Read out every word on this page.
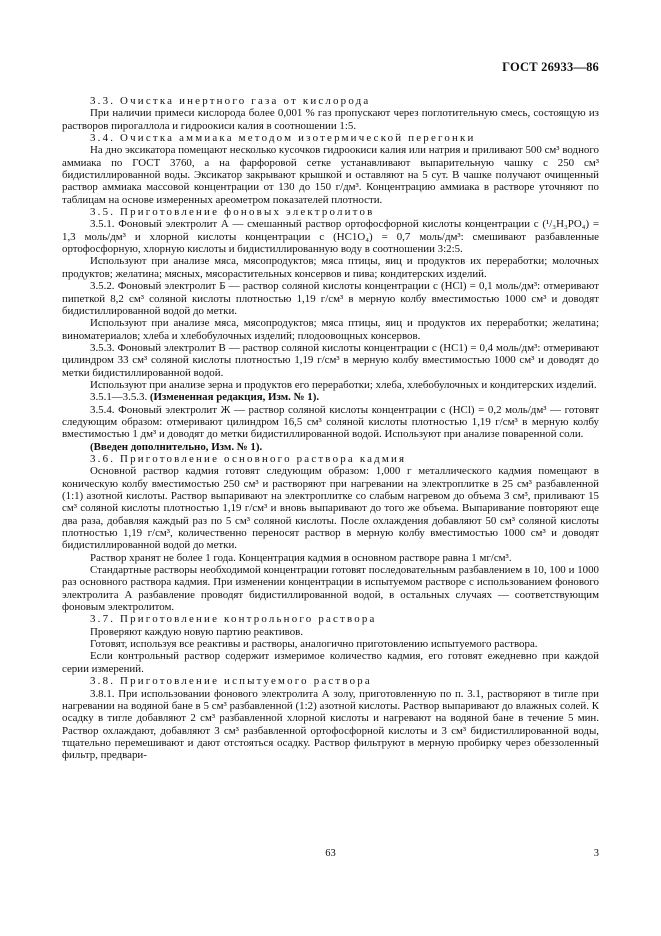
ГОСТ 26933—86

3.3. Очистка инертного газа от кислорода

При наличии примеси кислорода более 0,001 % газ пропускают через поглотительную смесь, состоящую из растворов пирогаллола и гидроокиси калия в соотношении 1:5.

3.4. Очистка аммиака методом изотермической перегонки

На дно эксикатора помещают несколько кусочков гидроокиси калия или натрия и приливают 500 см³ водного аммиака по ГОСТ 3760, а на фарфоровой сетке устанавливают выпарительную чашку с 250 см³ бидистиллированной воды. Эксикатор закрывают крышкой и оставляют на 5 сут. В чашке получают очищенный раствор аммиака массовой концентрации от 130 до 150 г/дм³. Концентрацию аммиака в растворе уточняют по таблицам на основе измеренных ареометром показателей плотности.

3.5. Приготовление фоновых электролитов

3.5.1. Фоновый электролит А — смешанный раствор ортофосфорной кислоты концентрации c (¹/₃H₃PO₄) = 1,3 моль/дм³ и хлорной кислоты концентрации c (HC1O₄) = 0,7 моль/дм³: смешивают разбавленные ортофосфорную, хлорную кислоты и бидистиллированную воду в соотношении 3:2:5.

Используют при анализе мяса, мясопродуктов; мяса птицы, яиц и продуктов их переработки; молочных продуктов; желатина; мясных, мясорастительных консервов и пива; кондитерских изделий.

3.5.2. Фоновый электролит Б — раствор соляной кислоты концентрации c (HCl) = 0,1 моль/дм³: отмеривают пипеткой 8,2 см³ соляной кислоты плотностью 1,19 г/см³ в мерную колбу вместимостью 1000 см³ и доводят бидистиллированной водой до метки.

Используют при анализе мяса, мясопродуктов; мяса птицы, яиц и продуктов их переработки; желатина; виноматериалов; хлеба и хлебобулочных изделий; плодоовощных консервов.

3.5.3. Фоновый электролит В — раствор соляной кислоты концентрации c (HC1) = 0,4 моль/дм³: отмеривают цилиндром 33 см³ соляной кислоты плотностью 1,19 г/см³ в мерную колбу вместимостью 1000 см³ и доводят до метки бидистиллированной водой.

Используют при анализе зерна и продуктов его переработки; хлеба, хлебобулочных и кондитерских изделий.

3.5.1—3.5.3. (Измененная редакция, Изм. № 1).

3.5.4. Фоновый электролит Ж — раствор соляной кислоты концентрации c (HCl) = 0,2 моль/дм³ — готовят следующим образом: отмеривают цилиндром 16,5 см³ соляной кислоты плотностью 1,19 г/см³ в мерную колбу вместимостью 1 дм³ и доводят до метки бидистиллированной водой. Используют при анализе поваренной соли.

(Введен дополнительно, Изм. № 1).

3.6. Приготовление основного раствора кадмия

Основной раствор кадмия готовят следующим образом: 1,000 г металлического кадмия помещают в коническую колбу вместимостью 250 см³ и растворяют при нагревании на электроплитке в 25 см³ разбавленной (1:1) азотной кислоты. Раствор выпаривают на электроплитке со слабым нагревом до объема 3 см³, приливают 15 см³ соляной кислоты плотностью 1,19 г/см³ и вновь выпаривают до того же объема. Выпаривание повторяют еще два раза, добавляя каждый раз по 5 см³ соляной кислоты. После охлаждения добавляют 50 см³ соляной кислоты плотностью 1,19 г/см³, количественно переносят раствор в мерную колбу вместимостью 1000 см³ и доводят бидистиллированной водой до метки.

Раствор хранят не более 1 года. Концентрация кадмия в основном растворе равна 1 мг/см³.

Стандартные растворы необходимой концентрации готовят последовательным разбавлением в 10, 100 и 1000 раз основного раствора кадмия. При изменении концентрации в испытуемом растворе с использованием фонового электролита А разбавление проводят бидистиллированной водой, в остальных случаях — соответствующим фоновым электролитом.

3.7. Приготовление контрольного раствора

Проверяют каждую новую партию реактивов.

Готовят, используя все реактивы и растворы, аналогично приготовлению испытуемого раствора.

Если контрольный раствор содержит измеримое количество кадмия, его готовят ежедневно при каждой серии измерений.

3.8. Приготовление испытуемого раствора

3.8.1. При использовании фонового электролита А золу, приготовленную по п. 3.1, растворяют в тигле при нагревании на водяной бане в 5 см³ разбавленной (1:2) азотной кислоты. Раствор выпаривают до влажных солей. К осадку в тигле добавляют 2 см³ разбавленной хлорной кислоты и нагревают на водяной бане в течение 5 мин. Раствор охлаждают, добавляют 3 см³ разбавленной ортофосфорной кислоты и 3 см³ бидистиллированной воды, тщательно перемешивают и дают отстояться осадку. Раствор фильтруют в мерную пробирку через обеззоленный фильтр, предвари-

63	3
